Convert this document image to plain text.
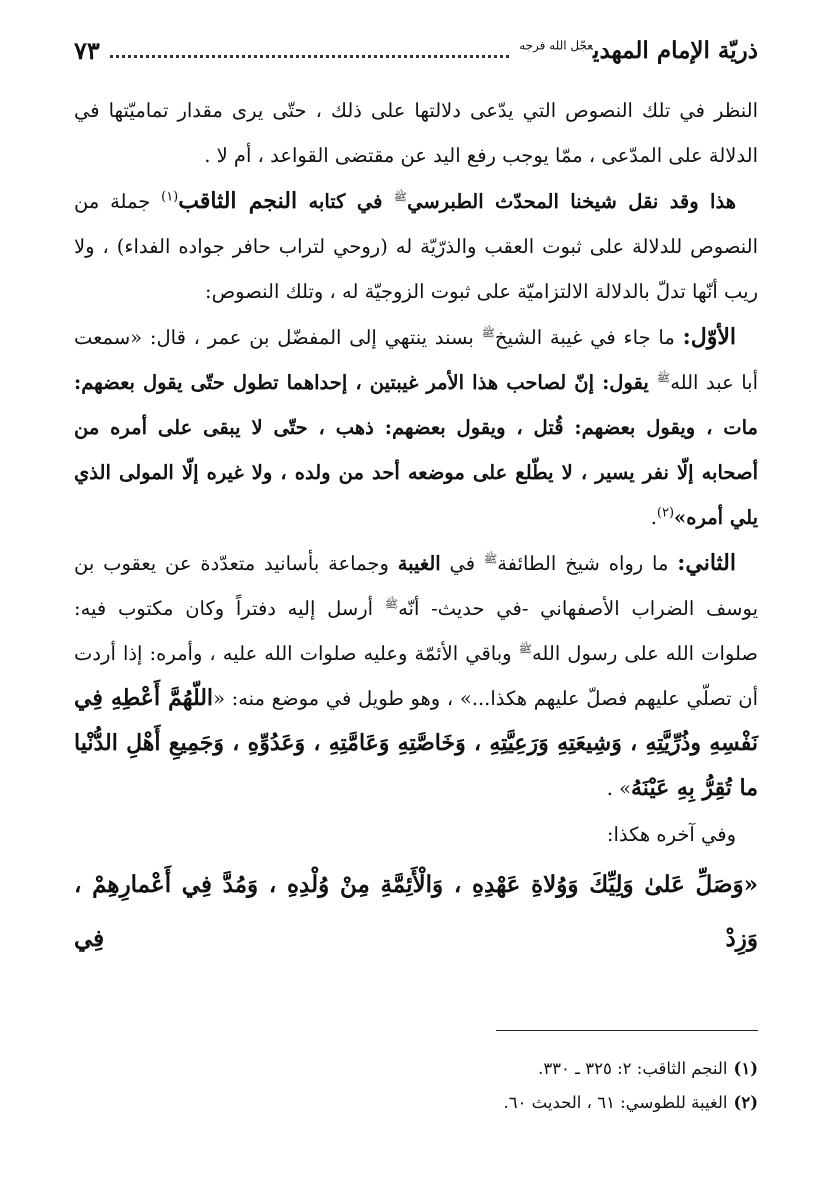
ذريّة الإمام المهدي$^{عجّل الله فرجه}$
٧٣

النظر في تلك النصوص التي يدّعى دلالتها على ذلك ، حتّى يرى مقدار تماميّتها في الدلالة على المدّعى ، ممّا يوجب رفع اليد عن مقتضى القواعد ، أم لا .

هذا وقد نقل شيخنا المحدّث الطبرسي$^ﷺ$ في كتابه النجم الثاقب$^{(١)}$ جملة من النصوص للدلالة على ثبوت العقب والذرّيّة له (روحي لتراب حافر جواده الفداء) ، ولا ريب أنّها تدلّ بالدلالة الالتزاميّة على ثبوت الزوجيّة له ، وتلك النصوص:

الأوّل: ما جاء في غيبة الشيخ$^ﷺ$ بسند ينتهي إلى المفضّل بن عمر ، قال: «سمعت أبا عبد الله$^ﷺ$ يقول: إنّ لصاحب هذا الأمر غيبتين ، إحداهما تطول حتّى يقول بعضهم: مات ، ويقول بعضهم: قُتل ، ويقول بعضهم: ذهب ، حتّى لا يبقى على أمره من أصحابه إلّا نفر يسير ، لا يطّلع على موضعه أحد من ولده ، ولا غيره إلّا المولى الذي يلي أمره»$^{(٢)}$.

الثاني: ما رواه شيخ الطائفة$^ﷺ$ في الغيبة وجماعة بأسانيد متعدّدة عن يعقوب بن يوسف الضراب الأصفهاني -في حديث- أنّه$^ﷺ$ أرسل إليه دفتراً وكان مكتوب فيه: صلوات الله على رسول الله$^ﷺ$ وباقي الأئمّة وعليه صلوات الله عليه ، وأمره: إذا أردت أن تصلّي عليهم فصلّ عليهم هكذا...» ، وهو طويل في موضع منه: «اللّهُمَّ أَعْطِهِ فِي نَفْسِهِ وذُرِّيَّتِهِ ، وَشِيعَتِهِ وَرَعِيَّتِهِ ، وَخَاصَّتِهِ وَعَامَّتِهِ ، وَعَدُوِّهِ ، وَجَمِيعِ أَهْلِ الدُّنْيا ما تُقِرُّ بِهِ عَيْنَهُ» .

وفي آخره هكذا:

«وَصَلِّ عَلىٰ وَلِيِّكَ وَوُلاةِ عَهْدِهِ ، وَالْأَئِمَّةِ مِنْ وُلْدِهِ ، وَمُدَّ فِي أَعْمارِهِمْ ، وَزِدْ فِي

(١)النجم الثاقب: ٢: ٣٢٥ ـ ٣٣٠.
(٢)الغيبة للطوسي: ٦١ ، الحديث ٦٠.
